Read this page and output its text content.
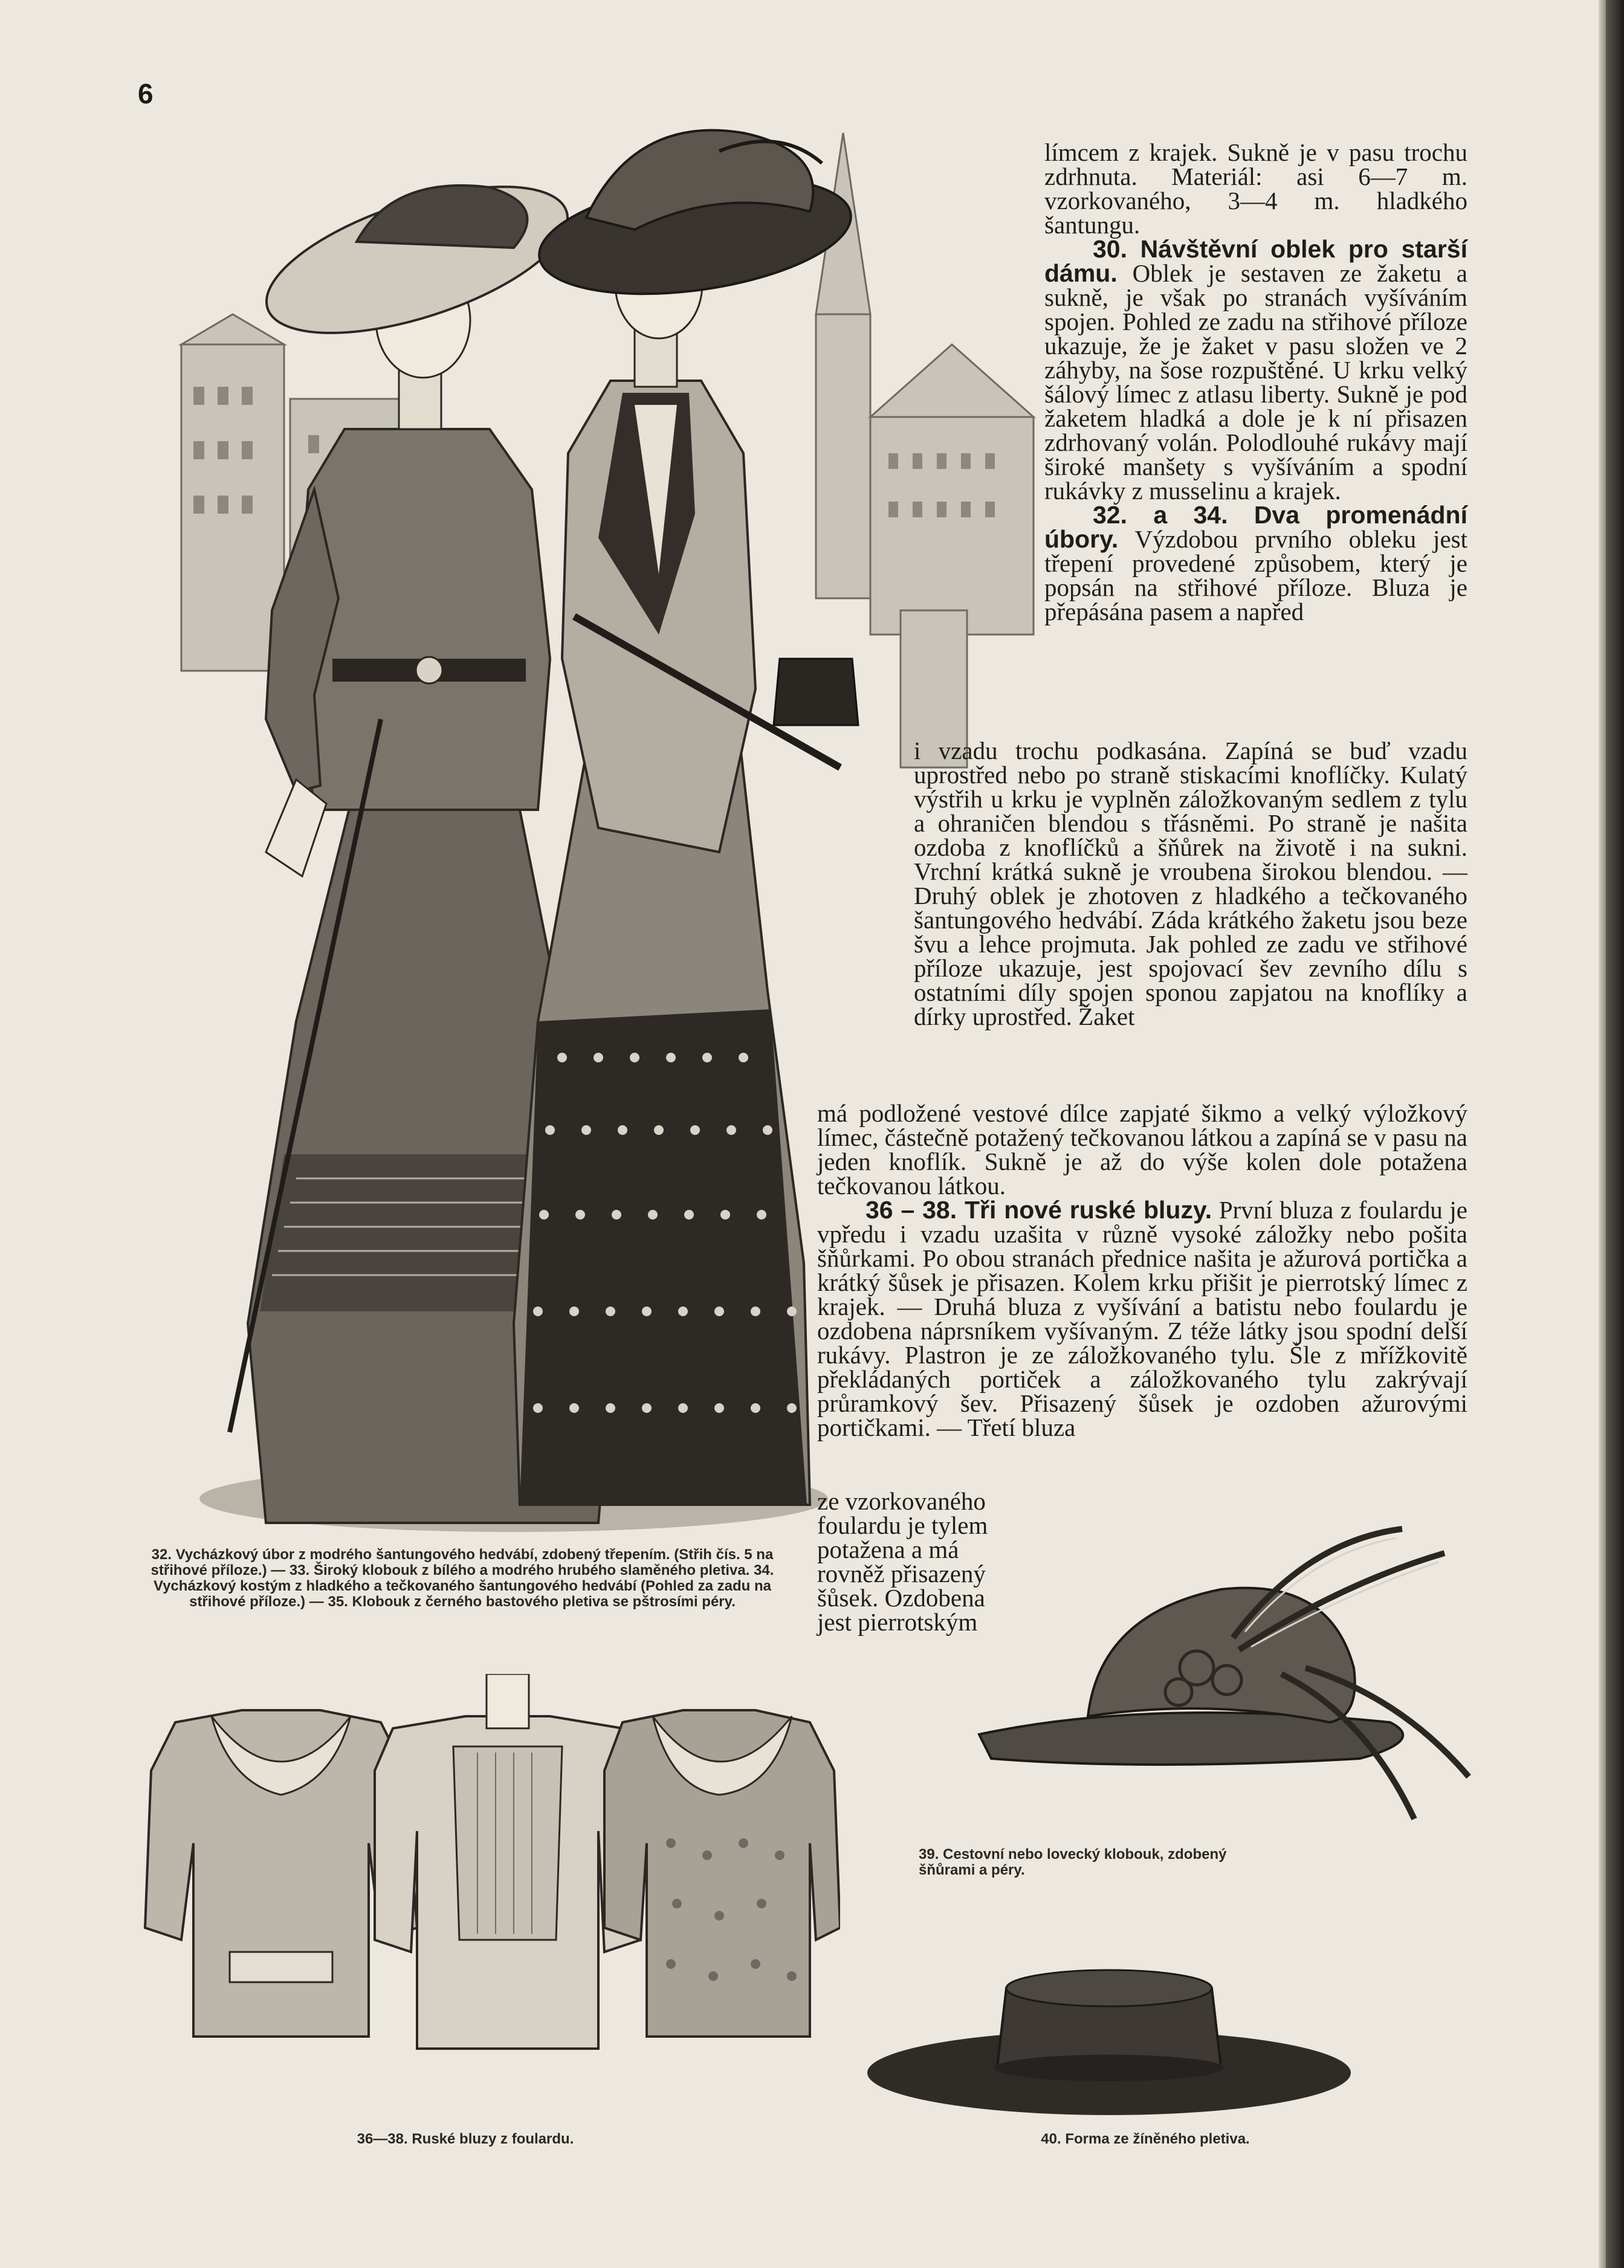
6

32. Vycházkový úbor z modrého šantungového hedvábí, zdobený třepením. (Střih čís. 5 na střihové příloze.) — 33. Široký klobouk z bílého a modrého hrubého slaměného pletiva. 34. Vycházkový kostým z hladkého a tečkovaného šantungového hedvábí (Pohled za zadu na střihové příloze.) — 35. Klobouk z černého bastového pletiva se pštrosími péry.

36—38. Ruské bluzy z foulardu.

39. Cestovní nebo lovecký klobouk, zdobený šňůrami a péry.

40. Forma ze žíněného pletiva.

límcem z krajek. Sukně je v pasu trochu zdrhnuta. Materiál: asi 6—7 m. vzorkovaného, 3—4 m. hladkého šantungu.

30. Návštěvní oblek pro starší dámu. Oblek je sestaven ze žaketu a sukně, je však po stranách vyšíváním spojen. Pohled ze zadu na střihové příloze ukazuje, že je žaket v pasu složen ve 2 záhyby, na šose rozpuštěné. U krku velký šálový límec z atlasu liberty. Sukně je pod žaketem hladká a dole je k ní přisazen zdrhovaný volán. Polodlouhé rukávy mají široké manšety s vyšíváním a spodní rukávky z musselinu a krajek.

32. a 34. Dva promenádní úbory. Výzdobou prvního obleku jest třepení provedené způsobem, který je popsán na střihové příloze. Bluza je přepásána pasem a napřed

i vzadu trochu podkasána. Zapíná se buď vzadu uprostřed nebo po straně stiskacími knoflíčky. Kulatý výstřih u krku je vyplněn záložkovaným sedlem z tylu a ohraničen blendou s třásněmi. Po straně je našita ozdoba z knoflíčků a šňůrek na životě i na sukni. Vrchní krátká sukně je vroubena širokou blendou. — Druhý oblek je zhotoven z hladkého a tečkovaného šantungového hedvábí. Záda krátkého žaketu jsou beze švu a lehce projmuta. Jak pohled ze zadu ve střihové příloze ukazuje, jest spojovací šev zevního dílu s ostatními díly spojen sponou zapjatou na knoflíky a dírky uprostřed. Žaket

má podložené vestové dílce zapjaté šikmo a velký výložkový límec, částečně potažený tečkovanou látkou a zapíná se v pasu na jeden knoflík. Sukně je až do výše kolen dole potažena tečkovanou látkou.

36 – 38. Tři nové ruské bluzy. První bluza z foulardu je vpředu i vzadu uzašita v různě vysoké záložky nebo pošita šňůrkami. Po obou stranách přednice našita je ažurová portička a krátký šůsek je přisazen. Kolem krku přišit je pierrotský límec z krajek. — Druhá bluza z vyšívání a batistu nebo foulardu je ozdobena náprsníkem vyšívaným. Z téže látky jsou spodní delší rukávy. Plastron je ze záložkovaného tylu. Šle z mřížkovitě překládaných portiček a záložkovaného tylu zakrývají průramkový šev. Přisazený šůsek je ozdoben ažurovými portičkami. — Třetí bluza

ze vzorkovaného foulardu je tylem potažena a má rovněž přisazený šůsek. Ozdobena jest pierrotským
